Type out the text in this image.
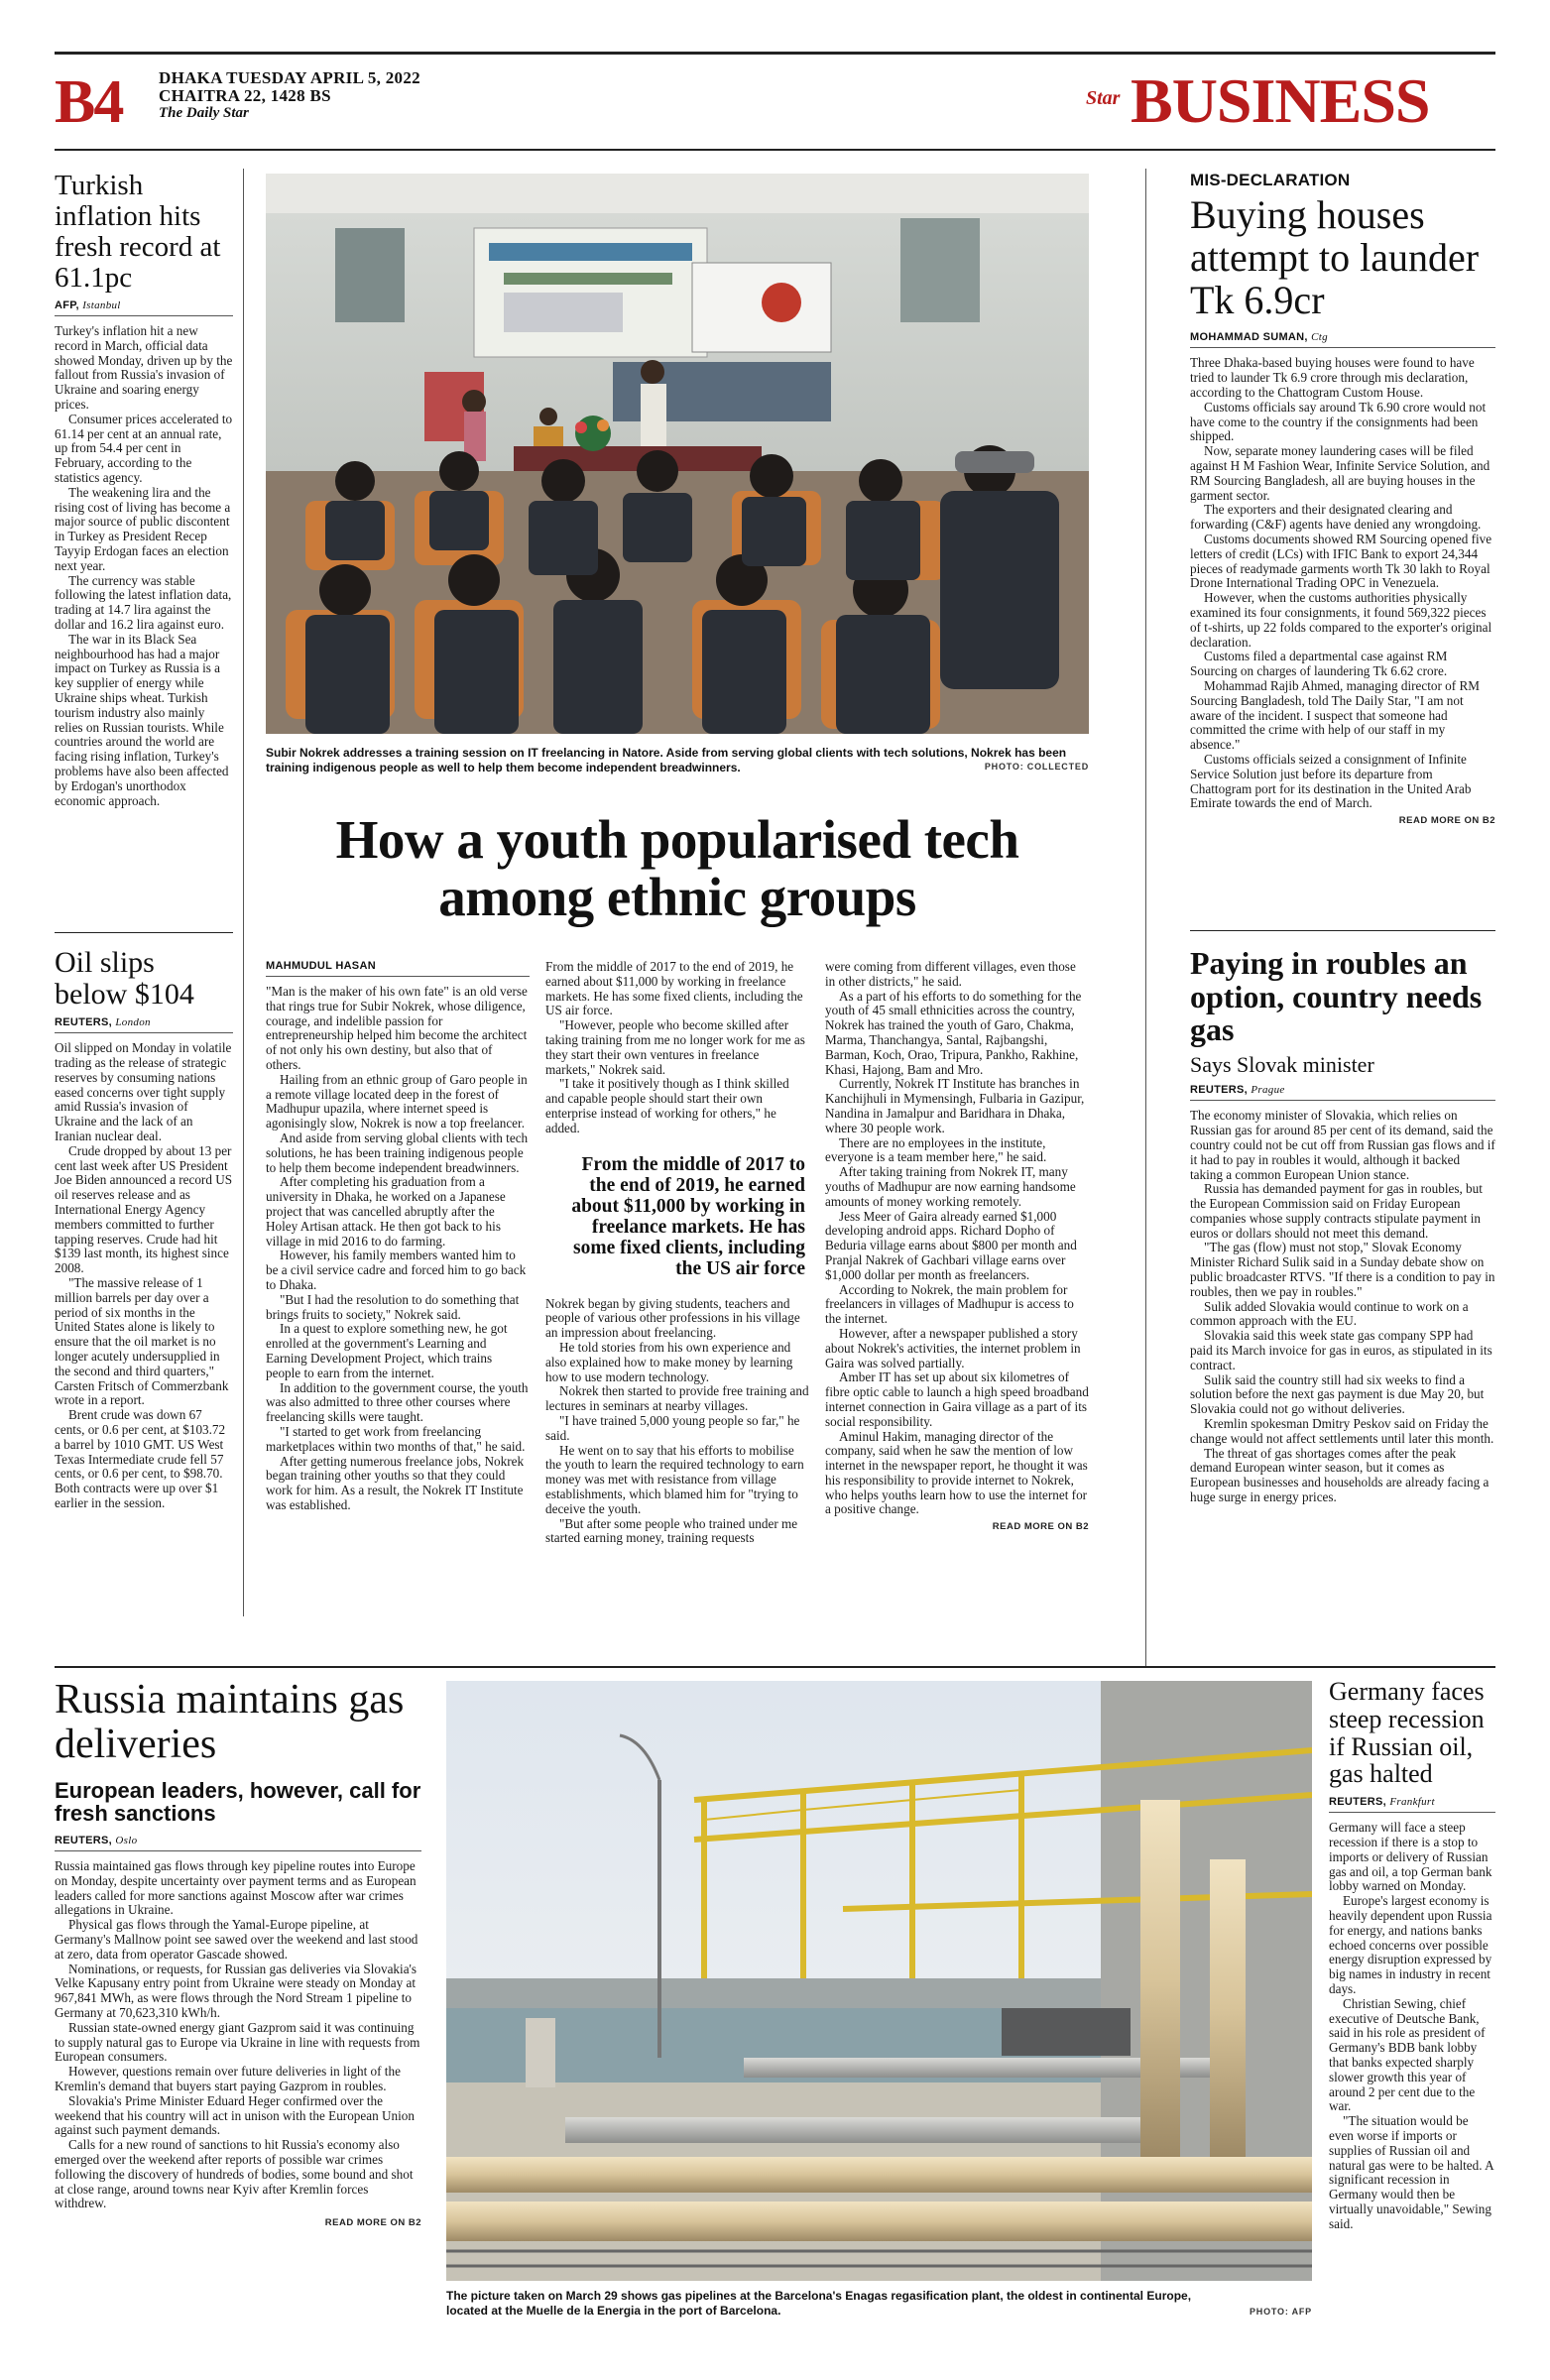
B4 DHAKA TUESDAY APRIL 5, 2022
CHAITRA 22, 1428 BS
The Daily Star
Star BUSINESS
Turkish inflation hits fresh record at 61.1pc
AFP, Istanbul

Turkey's inflation hit a new record in March, official data showed Monday, driven up by the fallout from Russia's invasion of Ukraine and soaring energy prices.

Consumer prices accelerated to 61.14 per cent at an annual rate, up from 54.4 per cent in February, according to the statistics agency.

The weakening lira and the rising cost of living has become a major source of public discontent in Turkey as President Recep Tayyip Erdogan faces an election next year.

The currency was stable following the latest inflation data, trading at 14.7 lira against the dollar and 16.2 lira against euro.

The war in its Black Sea neighbourhood has had a major impact on Turkey as Russia is a key supplier of energy while Ukraine ships wheat. Turkish tourism industry also mainly relies on Russian tourists. While countries around the world are facing rising inflation, Turkey's problems have also been affected by Erdogan's unorthodox economic approach.

Oil slips below $104
REUTERS, London

Oil slipped on Monday in volatile trading as the release of strategic reserves by consuming nations eased concerns over tight supply amid Russia's invasion of Ukraine and the lack of an Iranian nuclear deal.

Crude dropped by about 13 per cent last week after US President Joe Biden announced a record US oil reserves release and as International Energy Agency members committed to further tapping reserves. Crude had hit $139 last month, its highest since 2008.

"The massive release of 1 million barrels per day over a period of six months in the United States alone is likely to ensure that the oil market is no longer acutely undersupplied in the second and third quarters," Carsten Fritsch of Commerzbank wrote in a report.

Brent crude was down 67 cents, or 0.6 per cent, at $103.72 a barrel by 1010 GMT. US West Texas Intermediate crude fell 57 cents, or 0.6 per cent, to $98.70. Both contracts were up over $1 earlier in the session.

Subir Nokrek addresses a training session on IT freelancing in Natore. Aside from serving global clients with tech solutions, Nokrek has been training indigenous people as well to help them become independent breadwinners.	PHOTO: COLLECTED
How a youth popularised tech among ethnic groups
MAHMUDUL HASAN

"Man is the maker of his own fate" is an old verse that rings true for Subir Nokrek, whose diligence, courage, and indelible passion for entrepreneurship helped him become the architect of not only his own destiny, but also that of others.

Hailing from an ethnic group of Garo people in a remote village located deep in the forest of Madhupur upazila, where internet speed is agonisingly slow, Nokrek is now a top freelancer.

And aside from serving global clients with tech solutions, he has been training indigenous people to help them become independent breadwinners.

After completing his graduation from a university in Dhaka, he worked on a Japanese project that was cancelled abruptly after the Holey Artisan attack. He then got back to his village in mid 2016 to do farming.

However, his family members wanted him to be a civil service cadre and forced him to go back to Dhaka.

"But I had the resolution to do something that brings fruits to society," Nokrek said.

In a quest to explore something new, he got enrolled at the government's Learning and Earning Development Project, which trains people to earn from the internet.

In addition to the government course, the youth was also admitted to three other courses where freelancing skills were taught.

"I started to get work from freelancing marketplaces within two months of that," he said.

After getting numerous freelance jobs, Nokrek began training other youths so that they could work for him. As a result, the Nokrek IT Institute was established.

From the middle of 2017 to the end of 2019, he earned about $11,000 by working in freelance markets. He has some fixed clients, including the US air force.

"However, people who become skilled after taking training from me no longer work for me as they start their own ventures in freelance markets," Nokrek said.

"I take it positively though as I think skilled and capable people should start their own enterprise instead of working for others," he added.

From the middle of 2017 to the end of 2019, he earned about $11,000 by working in freelance markets. He has some fixed clients, including the US air force

Nokrek began by giving students, teachers and people of various other professions in his village an impression about freelancing.

He told stories from his own experience and also explained how to make money by learning how to use modern technology.

Nokrek then started to provide free training and lectures in seminars at nearby villages.

"I have trained 5,000 young people so far," he said.

He went on to say that his efforts to mobilise the youth to learn the required technology to earn money was met with resistance from village establishments, which blamed him for "trying to deceive the youth.

"But after some people who trained under me started earning money, training requests

were coming from different villages, even those in other districts," he said.

As a part of his efforts to do something for the youth of 45 small ethnicities across the country, Nokrek has trained the youth of Garo, Chakma, Marma, Thanchangya, Santal, Rajbangshi, Barman, Koch, Orao, Tripura, Pankho, Rakhine, Khasi, Hajong, Bam and Mro.

Currently, Nokrek IT Institute has branches in Kanchijhuli in Mymensingh, Fulbaria in Gazipur, Nandina in Jamalpur and Baridhara in Dhaka, where 30 people work.

There are no employees in the institute, everyone is a team member here," he said.

After taking training from Nokrek IT, many youths of Madhupur are now earning handsome amounts of money working remotely.

Jess Meer of Gaira already earned $1,000 developing android apps. Richard Dopho of Beduria village earns about $800 per month and Pranjal Nakrek of Gachbari village earns over $1,000 dollar per month as freelancers.

According to Nokrek, the main problem for freelancers in villages of Madhupur is access to the internet.

However, after a newspaper published a story about Nokrek's activities, the internet problem in Gaira was solved partially.

Amber IT has set up about six kilometres of fibre optic cable to launch a high speed broadband internet connection in Gaira village as a part of its social responsibility.

Aminul Hakim, managing director of the company, said when he saw the mention of low internet in the newspaper report, he thought it was his responsibility to provide internet to Nokrek, who helps youths learn how to use the internet for a positive change.

READ MORE ON B2
MIS-DECLARATION
Buying houses attempt to launder Tk 6.9cr
MOHAMMAD SUMAN, Ctg

Three Dhaka-based buying houses were found to have tried to launder Tk 6.9 crore through mis declaration, according to the Chattogram Custom House.

Customs officials say around Tk 6.90 crore would not have come to the country if the consignments had been shipped.

Now, separate money laundering cases will be filed against H M Fashion Wear, Infinite Service Solution, and RM Sourcing Bangladesh, all are buying houses in the garment sector.

The exporters and their designated clearing and forwarding (C&F) agents have denied any wrongdoing.

Customs documents showed RM Sourcing opened five letters of credit (LCs) with IFIC Bank to export 24,344 pieces of readymade garments worth Tk 30 lakh to Royal Drone International Trading OPC in Venezuela.

However, when the customs authorities physically examined its four consignments, it found 569,322 pieces of t-shirts, up 22 folds compared to the exporter's original declaration.

Customs filed a departmental case against RM Sourcing on charges of laundering Tk 6.62 crore.

Mohammad Rajib Ahmed, managing director of RM Sourcing Bangladesh, told The Daily Star, "I am not aware of the incident. I suspect that someone had committed the crime with help of our staff in my absence."

Customs officials seized a consignment of Infinite Service Solution just before its departure from Chattogram port for its destination in the United Arab Emirate towards the end of March.

READ MORE ON B2
Paying in roubles an option, country needs gas
Says Slovak minister
REUTERS, Prague

The economy minister of Slovakia, which relies on Russian gas for around 85 per cent of its demand, said the country could not be cut off from Russian gas flows and if it had to pay in roubles it would, although it backed taking a common European Union stance.

Russia has demanded payment for gas in roubles, but the European Commission said on Friday European companies whose supply contracts stipulate payment in euros or dollars should not meet this demand.

"The gas (flow) must not stop," Slovak Economy Minister Richard Sulik said in a Sunday debate show on public broadcaster RTVS. "If there is a condition to pay in roubles, then we pay in roubles."

Sulik added Slovakia would continue to work on a common approach with the EU.

Slovakia said this week state gas company SPP had paid its March invoice for gas in euros, as stipulated in its contract.

Sulik said the country still had six weeks to find a solution before the next gas payment is due May 20, but Slovakia could not go without deliveries.

Kremlin spokesman Dmitry Peskov said on Friday the change would not affect settlements until later this month.

The threat of gas shortages comes after the peak demand European winter season, but it comes as European businesses and households are already facing a huge surge in energy prices.

Russia maintains gas deliveries
European leaders, however, call for fresh sanctions
REUTERS, Oslo

Russia maintained gas flows through key pipeline routes into Europe on Monday, despite uncertainty over payment terms and as European leaders called for more sanctions against Moscow after war crimes allegations in Ukraine.

Physical gas flows through the Yamal-Europe pipeline, at Germany's Mallnow point see sawed over the weekend and last stood at zero, data from operator Gascade showed.

Nominations, or requests, for Russian gas deliveries via Slovakia's Velke Kapusany entry point from Ukraine were steady on Monday at 967,841 MWh, as were flows through the Nord Stream 1 pipeline to Germany at 70,623,310 kWh/h.

Russian state-owned energy giant Gazprom said it was continuing to supply natural gas to Europe via Ukraine in line with requests from European consumers.

However, questions remain over future deliveries in light of the Kremlin's demand that buyers start paying Gazprom in roubles.

Slovakia's Prime Minister Eduard Heger confirmed over the weekend that his country will act in unison with the European Union against such payment demands.

Calls for a new round of sanctions to hit Russia's economy also emerged over the weekend after reports of possible war crimes following the discovery of hundreds of bodies, some bound and shot at close range, around towns near Kyiv after Kremlin forces withdrew.

READ MORE ON B2
The picture taken on March 29 shows gas pipelines at the Barcelona's Enagas regasification plant, the oldest in continental Europe, located at the Muelle de la Energia in the port of Barcelona.	PHOTO: AFP
Germany faces steep recession if Russian oil, gas halted
REUTERS, Frankfurt

Germany will face a steep recession if there is a stop to imports or delivery of Russian gas and oil, a top German bank lobby warned on Monday.

Europe's largest economy is heavily dependent upon Russia for energy, and nations banks echoed concerns over possible energy disruption expressed by big names in industry in recent days.

Christian Sewing, chief executive of Deutsche Bank, said in his role as president of Germany's BDB bank lobby that banks expected sharply slower growth this year of around 2 per cent due to the war.

"The situation would be even worse if imports or supplies of Russian oil and natural gas were to be halted. A significant recession in Germany would then be virtually unavoidable," Sewing said.
